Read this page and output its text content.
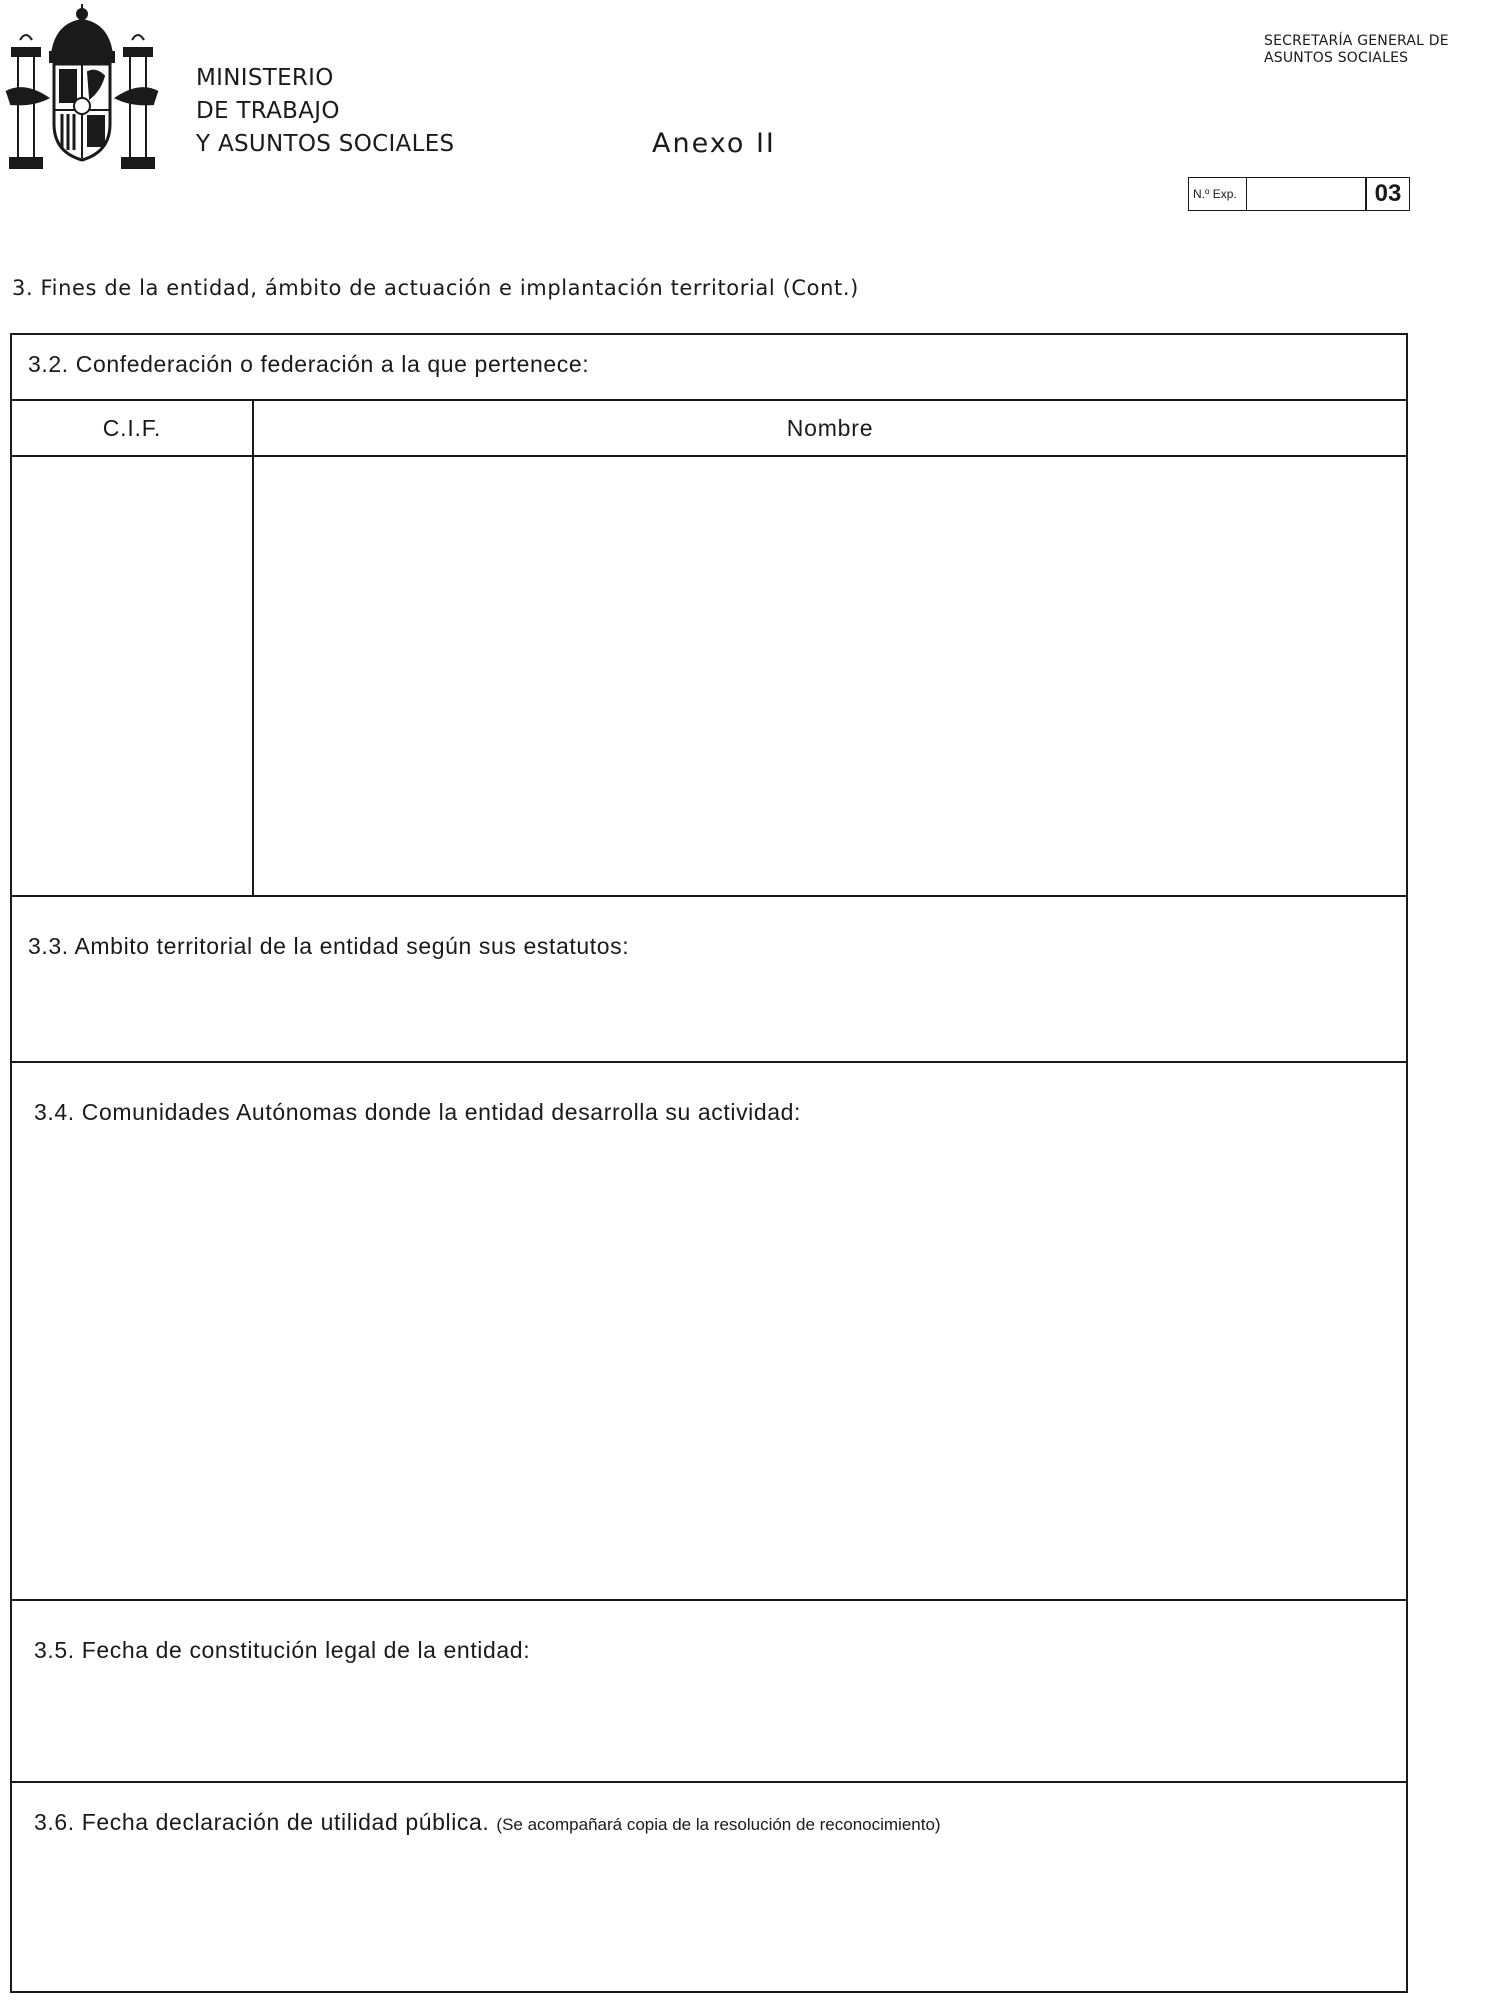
MINISTERIO
DE TRABAJO
Y ASUNTOS SOCIALES	Anexo II
SECRETARÍA GENERAL DE
ASUNTOS SOCIALES
N.º Exp.	03
3. Fines de la entidad, ámbito de actuación e implantación territorial (Cont.)
3.2. Confederación o federación a la que pertenece:
C.I.F.	Nombre
3.3. Ambito territorial de la entidad según sus estatutos:
3.4. Comunidades Autónomas donde la entidad desarrolla su actividad:
3.5. Fecha de constitución legal de la entidad:
3.6. Fecha declaración de utilidad pública. (Se acompañará copia de la resolución de reconocimiento)
